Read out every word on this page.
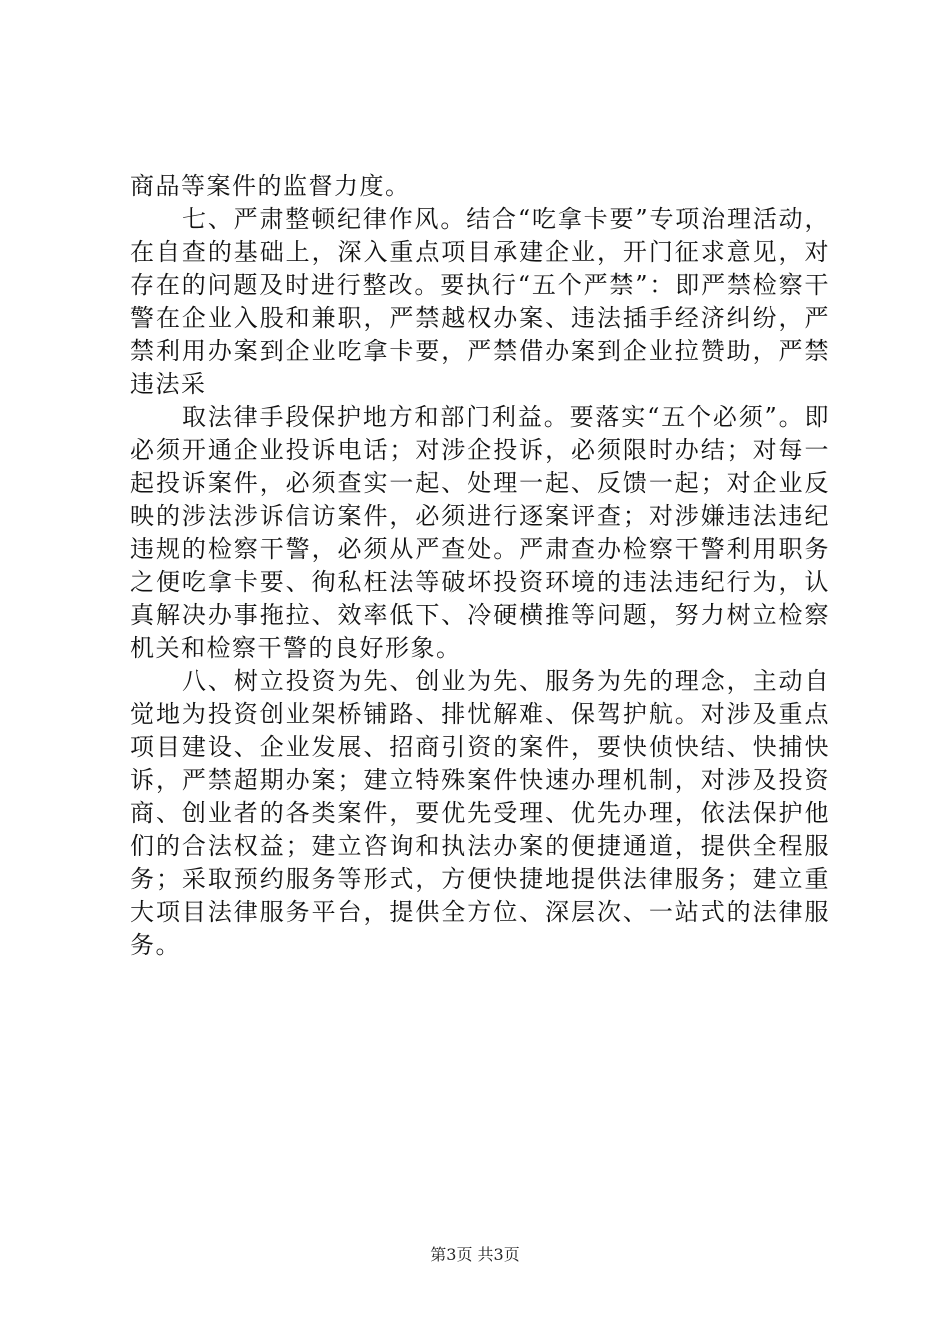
商品等案件的监督力度。

七、严肃整顿纪律作风。结合“吃拿卡要”专项治理活动，在自查的基础上，深入重点项目承建企业，开门征求意见，对存在的问题及时进行整改。要执行“五个严禁”：即严禁检察干警在企业入股和兼职，严禁越权办案、违法插手经济纠纷，严禁利用办案到企业吃拿卡要，严禁借办案到企业拉赞助，严禁违法采

取法律手段保护地方和部门利益。要落实“五个必须”。即必须开通企业投诉电话；对涉企投诉，必须限时办结；对每一起投诉案件，必须查实一起、处理一起、反馈一起；对企业反映的涉法涉诉信访案件，必须进行逐案评查；对涉嫌违法违纪违规的检察干警，必须从严查处。严肃查办检察干警利用职务之便吃拿卡要、徇私枉法等破坏投资环境的违法违纪行为，认真解决办事拖拉、效率低下、冷硬横推等问题，努力树立检察机关和检察干警的良好形象。

八、树立投资为先、创业为先、服务为先的理念，主动自觉地为投资创业架桥铺路、排忧解难、保驾护航。对涉及重点项目建设、企业发展、招商引资的案件，要快侦快结、快捕快诉，严禁超期办案；建立特殊案件快速办理机制，对涉及投资商、创业者的各类案件，要优先受理、优先办理，依法保护他们的合法权益；建立咨询和执法办案的便捷通道，提供全程服务；采取预约服务等形式，方便快捷地提供法律服务；建立重大项目法律服务平台，提供全方位、深层次、一站式的法律服务。

第3页 共3页
